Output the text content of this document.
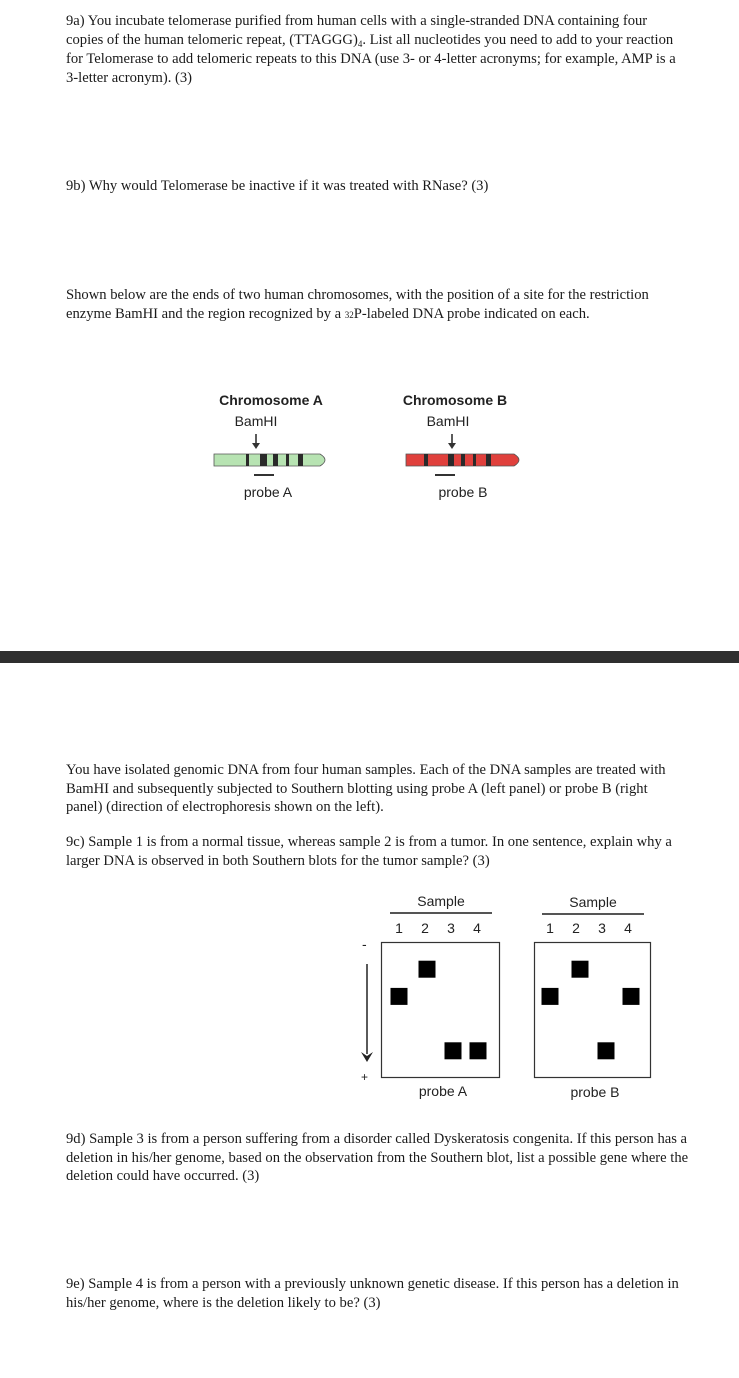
9a) You incubate telomerase purified from human cells with a single-stranded DNA containing four copies of the human telomeric repeat, $(TTAGGG)_4$. List all nucleotides you need to add to your reaction for Telomerase to add telomeric repeats to this DNA (use 3- or 4-letter acronyms; for example, AMP is a 3-letter acronym). (3)

9b) Why would Telomerase be inactive if it was treated with RNase? (3)

Shown below are the ends of two human chromosomes, with the position of a site for the restriction enzyme BamHI and the region recognized by a 32P-labeled DNA probe indicated on each.

Chromosome A
BamHI
probe A
Chromosome B
BamHI
probe B

You have isolated genomic DNA from four human samples. Each of the DNA samples are treated with BamHI and subsequently subjected to Southern blotting using probe A (left panel) or probe B (right panel) (direction of electrophoresis shown on the left).

9c) Sample 1 is from a normal tissue, whereas sample 2 is from a tumor. In one sentence, explain why a larger DNA is observed in both Southern blots for the tumor sample? (3)

Sample
1 2 3 4
Sample
1 2 3 4
-
+
probe A	probe B

9d) Sample 3 is from a person suffering from a disorder called Dyskeratosis congenita. If this person has a deletion in his/her genome, based on the observation from the Southern blot, list a possible gene where the deletion could have occurred. (3)

9e) Sample 4 is from a person with a previously unknown genetic disease. If this person has a deletion in his/her genome, where is the deletion likely to be? (3)
